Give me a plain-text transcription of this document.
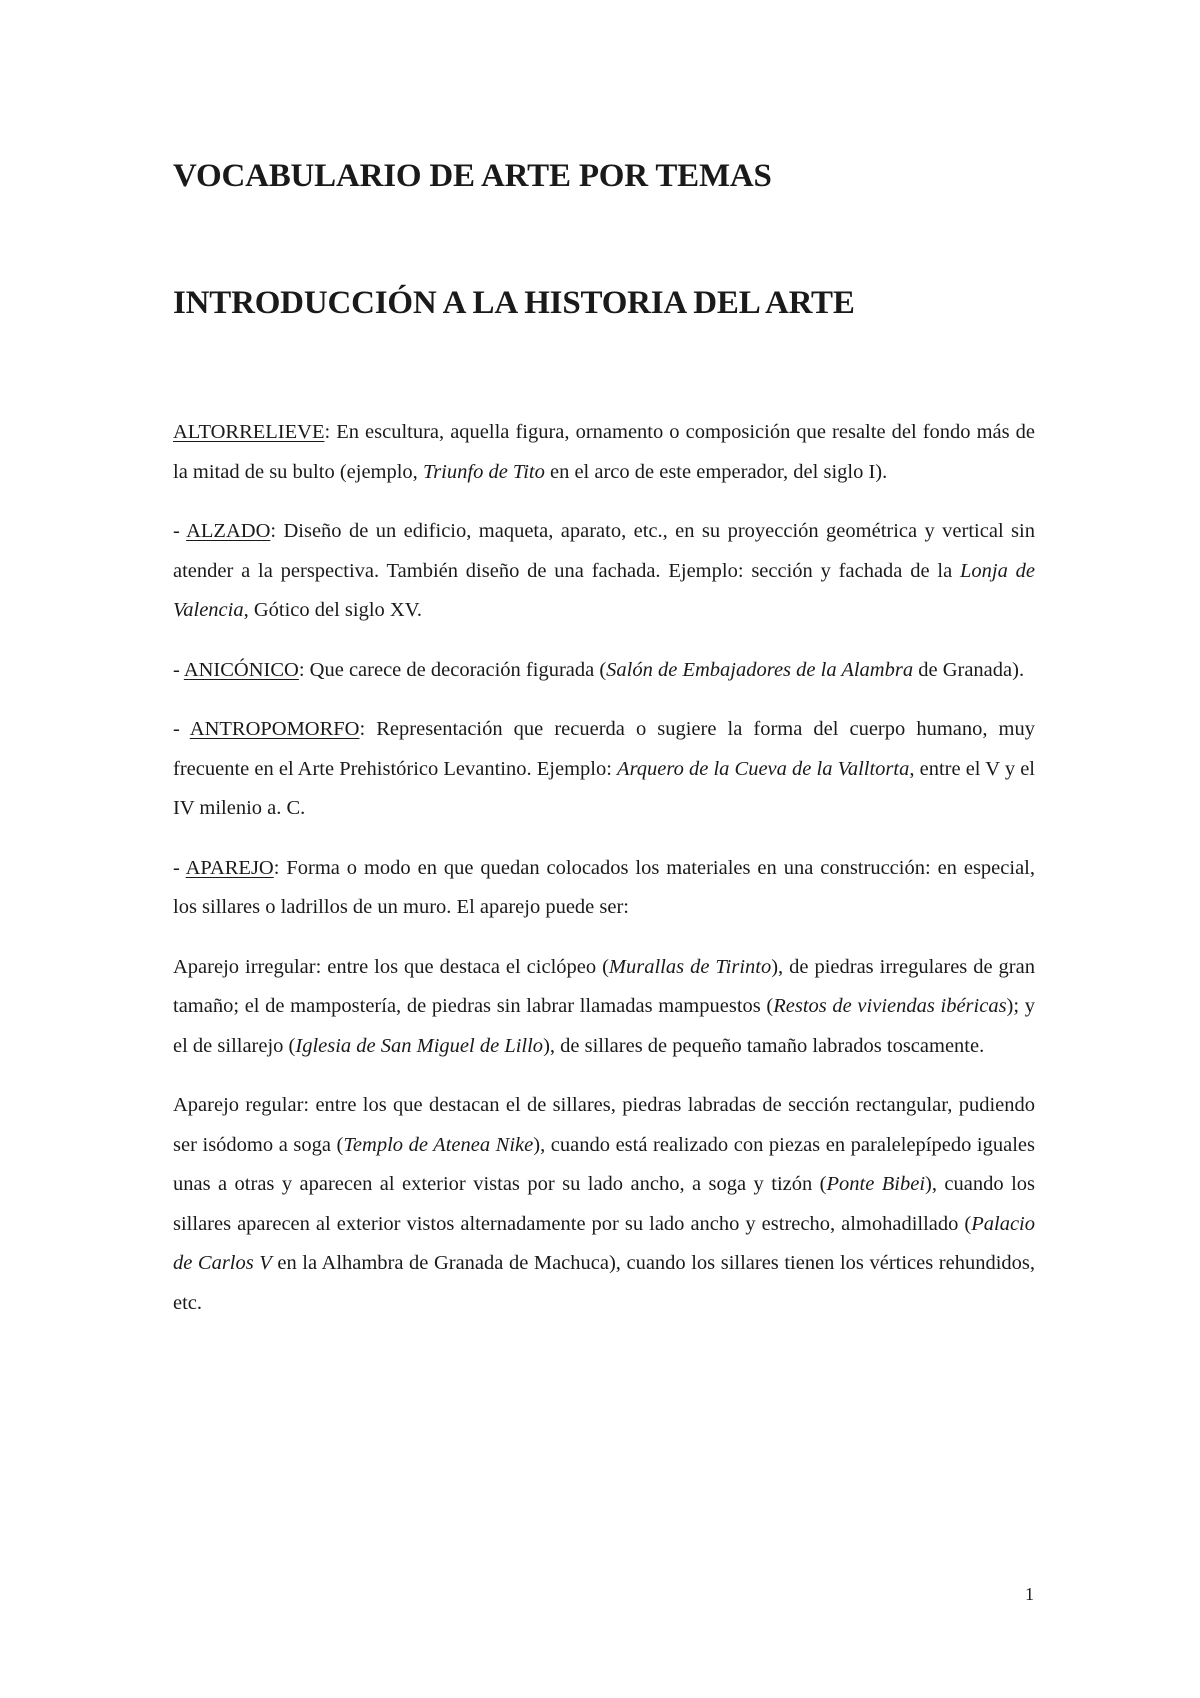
VOCABULARIO DE ARTE POR TEMAS
INTRODUCCIÓN A LA HISTORIA DEL ARTE

ALTORRELIEVE: En escultura, aquella figura, ornamento o composición que resalte del fondo más de la mitad de su bulto (ejemplo, Triunfo de Tito en el arco de este emperador, del siglo I).

- ALZADO: Diseño de un edificio, maqueta, aparato, etc., en su proyección geométrica y vertical sin atender a la perspectiva. También diseño de una fachada. Ejemplo: sección y fachada de la Lonja de Valencia, Gótico del siglo XV.

- ANICÓNICO: Que carece de decoración figurada (Salón de Embajadores de la Alambra de Granada).

- ANTROPOMORFO: Representación que recuerda o sugiere la forma del cuerpo humano, muy frecuente en el Arte Prehistórico Levantino. Ejemplo: Arquero de la Cueva de la Valltorta, entre el V y el IV milenio a. C.

- APAREJO: Forma o modo en que quedan colocados los materiales en una construcción: en especial, los sillares o ladrillos de un muro. El aparejo puede ser:

Aparejo irregular: entre los que destaca el ciclópeo (Murallas de Tirinto), de piedras irregulares de gran tamaño; el de mampostería, de piedras sin labrar llamadas mampuestos (Restos de viviendas ibéricas); y el de sillarejo (Iglesia de San Miguel de Lillo), de sillares de pequeño tamaño labrados toscamente.

Aparejo regular: entre los que destacan el de sillares, piedras labradas de sección rectangular, pudiendo ser isódomo a soga (Templo de Atenea Nike), cuando está realizado con piezas en paralelepípedo iguales unas a otras y aparecen al exterior vistas por su lado ancho, a soga y tizón (Ponte Bibei), cuando los sillares aparecen al exterior vistos alternadamente por su lado ancho y estrecho, almohadillado (Palacio de Carlos V en la Alhambra de Granada de Machuca), cuando los sillares tienen los vértices rehundidos, etc.

1
